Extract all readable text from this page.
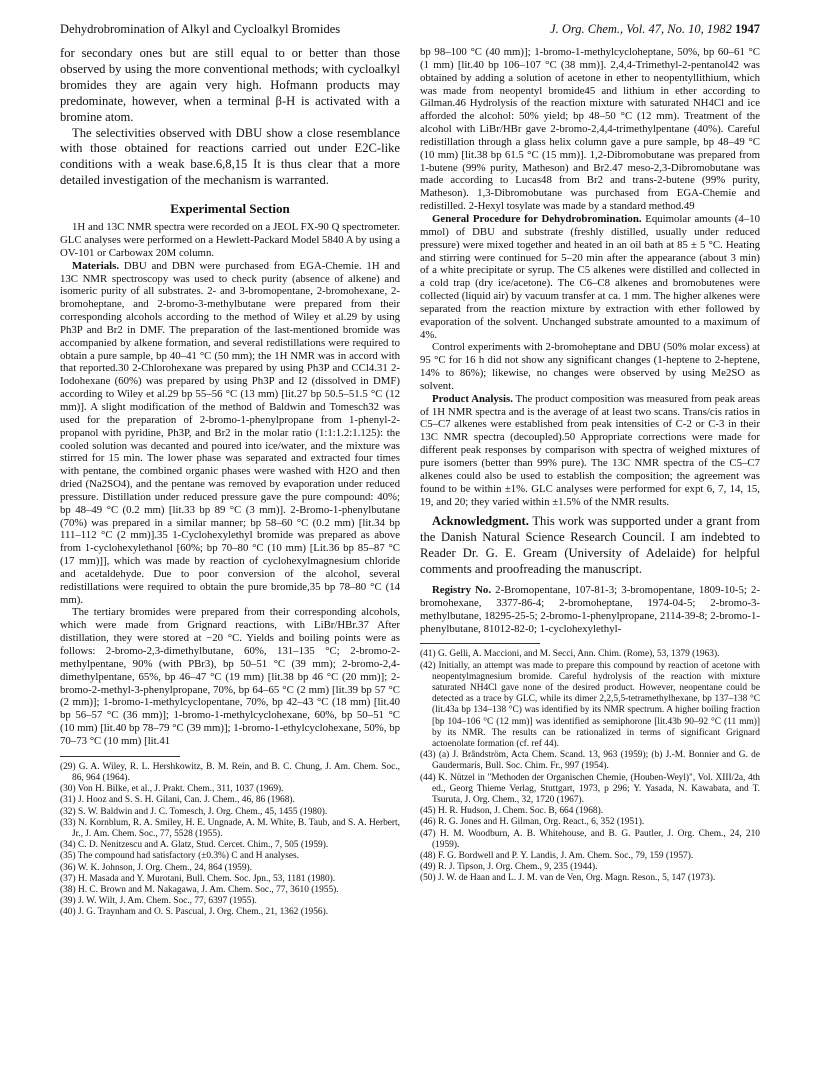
Dehydrobromination of Alkyl and Cycloalkyl Bromides	J. Org. Chem., Vol. 47, No. 10, 1982 1947

for secondary ones but are still equal to or better than those observed by using the more conventional methods; with cycloalkyl bromides they are again very high. Hofmann products may predominate, however, when a terminal β-H is activated with a bromine atom.

The selectivities observed with DBU show a close resemblance with those obtained for reactions carried out under E2C-like conditions with a weak base.6,8,15 It is thus clear that a more detailed investigation of the mechanism is warranted.

Experimental Section

1H and 13C NMR spectra were recorded on a JEOL FX-90 Q spectrometer. GLC analyses were performed on a Hewlett-Packard Model 5840 A by using a OV-101 or Carbowax 20M column.

Materials. DBU and DBN were purchased from EGA-Chemie. 1H and 13C NMR spectroscopy was used to check purity (absence of alkene) and isomeric purity of all substrates. 2- and 3-bromopentane, 2-bromohexane, 2-bromoheptane, and 2-bromo-3-methylbutane were prepared from their corresponding alcohols according to the method of Wiley et al.29 by using Ph3P and Br2 in DMF. The preparation of the last-mentioned bromide was accompanied by alkene formation, and several redistillations were required to obtain a pure sample, bp 40–41 °C (50 mm); the 1H NMR was in accord with that reported.30 2-Chlorohexane was prepared by using Ph3P and CCl4.31 2-Iodohexane (60%) was prepared by using Ph3P and I2 (dissolved in DMF) according to Wiley et al.29 bp 55–56 °C (13 mm) [lit.27 bp 50.5–51.5 °C (12 mm)]. A slight modification of the method of Baldwin and Tomesch32 was used for the preparation of 2-bromo-1-phenylpropane from 1-phenyl-2-propanol with pyridine, Ph3P, and Br2 in the molar ratio (1:1:1.2:1.125): the cooled solution was decanted and poured into ice/water, and the mixture was stirred for 15 min. The lower phase was separated and extracted four times with pentane, the combined organic phases were washed with H2O and then dried (Na2SO4), and the pentane was removed by evaporation under reduced pressure. Distillation under reduced pressure gave the pure compound: 40%; bp 48–49 °C (0.2 mm) [lit.33 bp 89 °C (3 mm)]. 2-Bromo-1-phenylbutane (70%) was prepared in a similar manner; bp 58–60 °C (0.2 mm) [lit.34 bp 111–112 °C (2 mm)].35 1-Cyclohexylethyl bromide was prepared as above from 1-cyclohexylethanol [60%; bp 70–80 °C (10 mm) [Lit.36 bp 85–87 °C (17 mm)]], which was made by reaction of cyclohexylmagnesium chloride and acetaldehyde. Due to poor conversion of the alcohol, several redistillations were required to obtain the pure bromide,35 bp 78–80 °C (14 mm).

The tertiary bromides were prepared from their corresponding alcohols, which were made from Grignard reactions, with LiBr/HBr.37 After distillation, they were stored at −20 °C. Yields and boiling points were as follows: 2-bromo-2,3-dimethylbutane, 60%, 131–135 °C; 2-bromo-2-methylpentane, 90% (with PBr3), bp 50–51 °C (39 mm); 2-bromo-2,4-dimethylpentane, 65%, bp 46–47 °C (19 mm) [lit.38 bp 46 °C (20 mm)]; 2-bromo-2-methyl-3-phenylpropane, 70%, bp 64–65 °C (2 mm) [lit.39 bp 57 °C (2 mm)]; 1-bromo-1-methylcyclopentane, 70%, bp 42–43 °C (18 mm) [lit.40 bp 56–57 °C (36 mm)]; 1-bromo-1-methylcyclohexane, 60%, bp 50–51 °C (10 mm) [lit.40 bp 78–79 °C (39 mm)]; 1-bromo-1-ethylcyclohexane, 50%, bp 70–73 °C (10 mm) [lit.41

(29) G. A. Wiley, R. L. Hershkowitz, B. M. Rein, and B. C. Chung, J. Am. Chem. Soc., 86, 964 (1964).
(30) Von H. Bilke, et al., J. Prakt. Chem., 311, 1037 (1969).
(31) J. Hooz and S. S. H. Gilani, Can. J. Chem., 46, 86 (1968).
(32) S. W. Baldwin and J. C. Tomesch, J. Org. Chem., 45, 1455 (1980).
(33) N. Kornblum, R. A. Smiley, H. E. Ungnade, A. M. White, B. Taub, and S. A. Herbert, Jr., J. Am. Chem. Soc., 77, 5528 (1955).
(34) C. D. Nenitzescu and A. Glatz, Stud. Cercet. Chim., 7, 505 (1959).
(35) The compound had satisfactory (±0.3%) C and H analyses.
(36) W. K. Johnson, J. Org. Chem., 24, 864 (1959).
(37) H. Masada and Y. Murotani, Bull. Chem. Soc. Jpn., 53, 1181 (1980).
(38) H. C. Brown and M. Nakagawa, J. Am. Chem. Soc., 77, 3610 (1955).
(39) J. W. Wilt, J. Am. Chem. Soc., 77, 6397 (1955).
(40) J. G. Traynham and O. S. Pascual, J. Org. Chem., 21, 1362 (1956).

bp 98–100 °C (40 mm)]; 1-bromo-1-methylcycloheptane, 50%, bp 60–61 °C (1 mm) [lit.40 bp 106–107 °C (38 mm)]. 2,4,4-Trimethyl-2-pentanol42 was obtained by adding a solution of acetone in ether to neopentyllithium, which was made from neopentyl bromide45 and lithium in ether according to Gilman.46 Hydrolysis of the reaction mixture with saturated NH4Cl and ice afforded the alcohol: 50% yield; bp 48–50 °C (12 mm). Treatment of the alcohol with LiBr/HBr gave 2-bromo-2,4,4-trimethylpentane (40%). Careful redistillation through a glass helix column gave a pure sample, bp 48–49 °C (10 mm) [lit.38 bp 61.5 °C (15 mm)]. 1,2-Dibromobutane was prepared from 1-butene (99% purity, Matheson) and Br2.47 meso-2,3-Dibromobutane was made according to Lucas48 from Br2 and trans-2-butene (99% purity, Matheson). 1,3-Dibromobutane was purchased from EGA-Chemie and redistilled. 2-Hexyl tosylate was made by a standard method.49

General Procedure for Dehydrobromination. Equimolar amounts (4–10 mmol) of DBU and substrate (freshly distilled, usually under reduced pressure) were mixed together and heated in an oil bath at 85 ± 5 °C. Heating and stirring were continued for 5–20 min after the appearance (about 3 min) of a white precipitate or syrup. The C5 alkenes were distilled and collected in a cold trap (dry ice/acetone). The C6–C8 alkenes and bromobutenes were collected (liquid air) by vacuum transfer at ca. 1 mm. The higher alkenes were separated from the reaction mixture by extraction with ether followed by evaporation of the solvent. Unchanged substrate amounted to a maximum of 4%.

Control experiments with 2-bromoheptane and DBU (50% molar excess) at 95 °C for 16 h did not show any significant changes (1-heptene to 2-heptene, 14% to 86%); likewise, no changes were observed by using Me2SO as solvent.

Product Analysis. The product composition was measured from peak areas of 1H NMR spectra and is the average of at least two scans. Trans/cis ratios in C5–C7 alkenes were established from peak intensities of C-2 or C-3 in their 13C NMR spectra (decoupled).50 Appropriate corrections were made for different peak responses by comparison with spectra of weighed mixtures of pure isomers (better than 99% pure). The 13C NMR spectra of the C5–C7 alkenes could also be used to establish the composition; the agreement was found to be within ±1%. GLC analyses were performed for expt 6, 7, 14, 15, 19, and 20; they varied within ±1.5% of the NMR results.

Acknowledgment. This work was supported under a grant from the Danish Natural Science Research Council. I am indebted to Reader Dr. G. E. Gream (University of Adelaide) for helpful comments and proofreading the manuscript.

Registry No. 2-Bromopentane, 107-81-3; 3-bromopentane, 1809-10-5; 2-bromohexane, 3377-86-4; 2-bromoheptane, 1974-04-5; 2-bromo-3-methylbutane, 18295-25-5; 2-bromo-1-phenylpropane, 2114-39-8; 2-bromo-1-phenylbutane, 81012-82-0; 1-cyclohexylethyl-

(41) G. Gelli, A. Maccioni, and M. Secci, Ann. Chim. (Rome), 53, 1379 (1963).
(42) Initially, an attempt was made to prepare this compound by reaction of acetone with neopentylmagnesium bromide. Careful hydrolysis of the reaction with mixture saturated NH4Cl gave none of the desired product. However, neopentane could be detected as a trace by GLC, while its dimer 2,2,5,5-tetramethylhexane, bp 137–138 °C (lit.43a bp 134–138 °C) was identified by its NMR spectrum. A higher boiling fraction [bp 104–106 °C (12 mm)] was identified as semiphorone [lit.43b 90–92 °C (11 mm)] by its NMR. The results can be rationalized in terms of significant Grignard actoenolate formation (cf. ref 44).
(43) (a) J. Brândström, Acta Chem. Scand. 13, 963 (1959); (b) J.-M. Bonnier and G. de Gaudermaris, Bull. Soc. Chim. Fr., 997 (1954).
(44) K. Nützel in "Methoden der Organischen Chemie, (Houben-Weyl)", Vol. XIII/2a, 4th ed., Georg Thieme Verlag, Stuttgart, 1973, p 296; Y. Yasada, N. Kawabata, and T. Tsuruta, J. Org. Chem., 32, 1720 (1967).
(45) H. R. Hudson, J. Chem. Soc. B, 664 (1968).
(46) R. G. Jones and H. Gilman, Org. React., 6, 352 (1951).
(47) H. M. Woodburn, A. B. Whitehouse, and B. G. Pautler, J. Org. Chem., 24, 210 (1959).
(48) F. G. Bordwell and P. Y. Landis, J. Am. Chem. Soc., 79, 159 (1957).
(49) R. J. Tipson, J. Org. Chem., 9, 235 (1944).
(50) J. W. de Haan and L. J. M. van de Ven, Org. Magn. Reson., 5, 147 (1973).
